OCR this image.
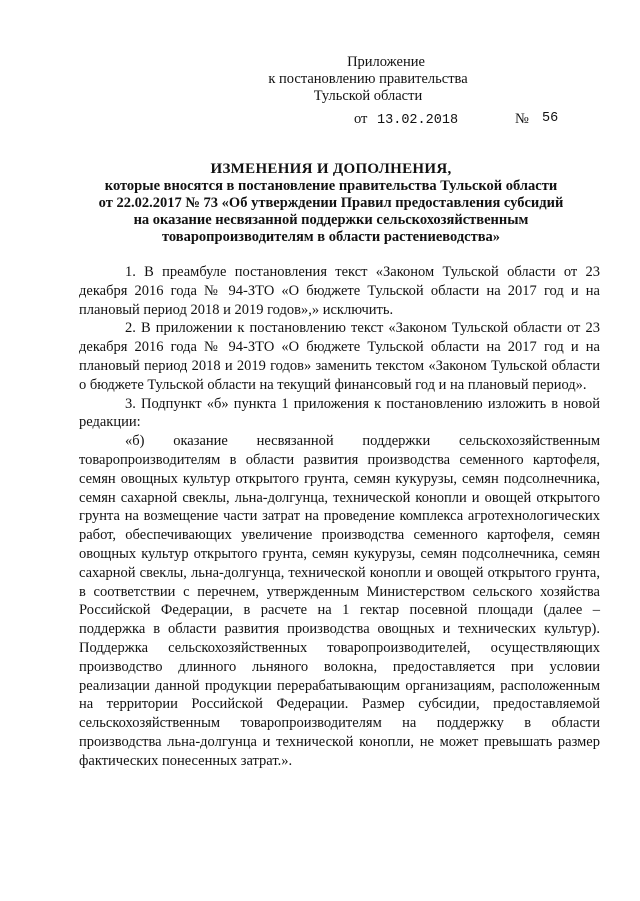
Приложение
к постановлению правительства
Тульской области
от 13.02.2018	№ 56
ИЗМЕНЕНИЯ И ДОПОЛНЕНИЯ,
которые вносятся в постановление правительства Тульской области
от 22.02.2017 № 73 «Об утверждении Правил предоставления субсидий
на оказание несвязанной поддержки сельскохозяйственным
товаропроизводителям в области растениеводства»

1. В преамбуле постановления текст «Законом Тульской области от 23 декабря 2016 года № 94-ЗТО «О бюджете Тульской области на 2017 год и на плановый период 2018 и 2019 годов»,» исключить.

2. В приложении к постановлению текст «Законом Тульской области от 23 декабря 2016 года № 94-ЗТО «О бюджете Тульской области на 2017 год и на плановый период 2018 и 2019 годов» заменить текстом «Законом Тульской области о бюджете Тульской области на текущий финансовый год и на плановый период».

3. Подпункт «б» пункта 1 приложения к постановлению изложить в новой редакции:

«б) оказание несвязанной поддержки сельскохозяйственным товаропроизводителям в области развития производства семенного картофеля, семян овощных культур открытого грунта, семян кукурузы, семян подсолнечника, семян сахарной свеклы, льна-долгунца, технической конопли и овощей открытого грунта на возмещение части затрат на проведение комплекса агротехнологических работ, обеспечивающих увеличение производства семенного картофеля, семян овощных культур открытого грунта, семян кукурузы, семян подсолнечника, семян сахарной свеклы, льна-долгунца, технической конопли и овощей открытого грунта, в соответствии с перечнем, утвержденным Министерством сельского хозяйства Российской Федерации, в расчете на 1 гектар посевной площади (далее – поддержка в области развития производства овощных и технических культур). Поддержка сельскохозяйственных товаропроизводителей, осуществляющих производство длинного льняного волокна, предоставляется при условии реализации данной продукции перерабатывающим организациям, расположенным на территории Российской Федерации. Размер субсидии, предоставляемой сельскохозяйственным товаропроизводителям на поддержку в области производства льна-долгунца и технической конопли, не может превышать размер фактических понесенных затрат.».
